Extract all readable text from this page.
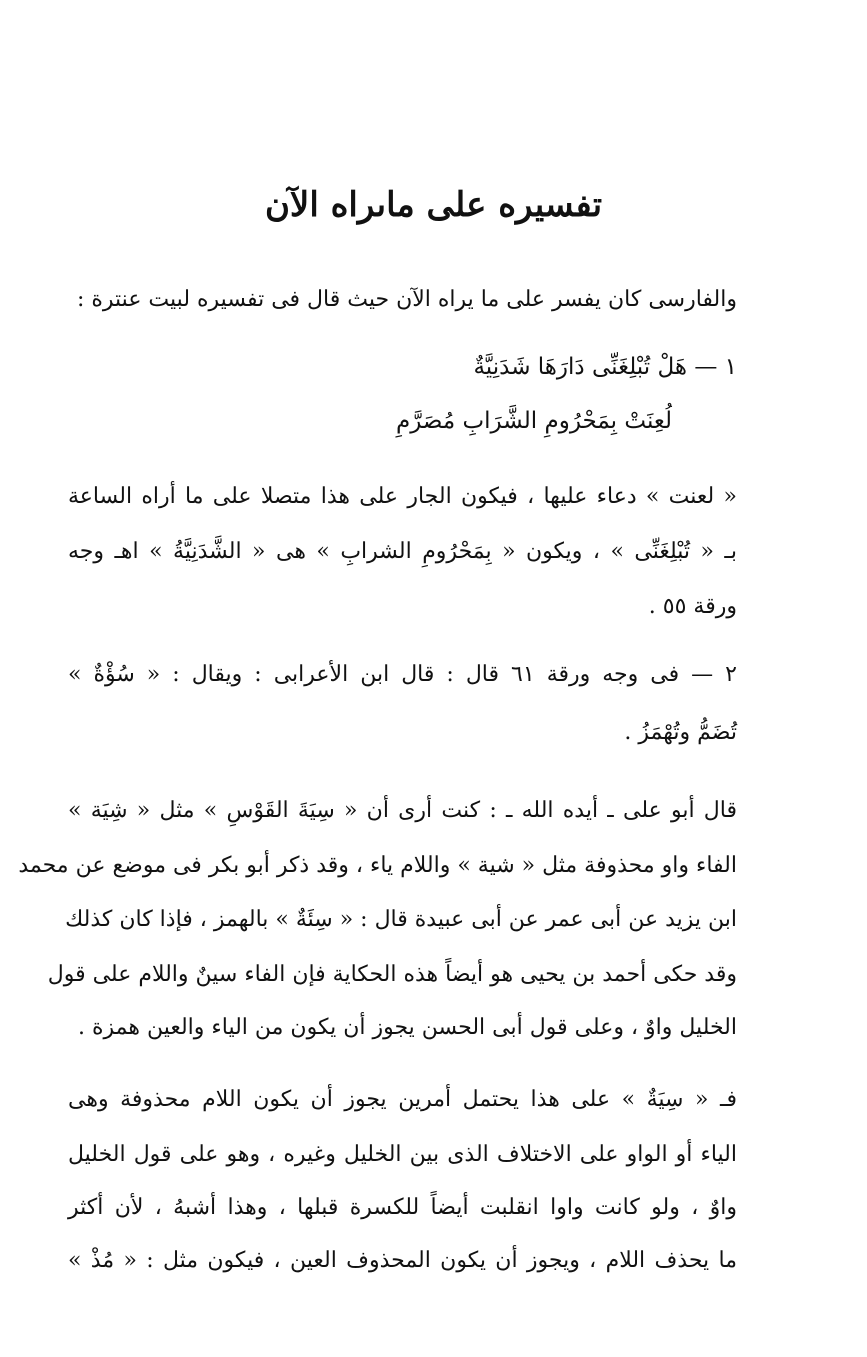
تفسيره على ماىراه الآن
والفارسى كان يفسر على ما يراه الآن حيث قال فى تفسيره لبيت عنترة :
١ — هَلْ تُبْلِغَنِّى دَارَهَا شَدَنِيَّةٌ
لُعِنَتْ بِمَحْرُومِ الشَّرَابِ مُصَرَّمِ
« لعنت » دعاء عليها ، فيكون الجار على هذا متصلا على ما أراه الساعة
بـ « تُبْلِغَنِّى » ، ويكون « بِمَحْرُومِ الشرابِ » هى « الشَّدَنِيَّةُ » اهـ وجه
ورقة ٥٥ .
٢ — فى وجه ورقة ٦١ قال : قال ابن الأعرابى : ويقال : « سُؤْةٌ »
تُضَمُّ وتُهْمَزُ .
قال أبو على ـ أيده الله ـ : كنت أرى أن « سِيَةَ القَوْسِ » مثل « شِيَة »
الفاء واو محذوفة مثل « شية » واللام ياء ، وقد ذكر أبو بكر فى موضع عن محمد
ابن يزيد عن أبى عمر عن أبى عبيدة قال : « سِئَةٌ » بالهمز ، فإذا كان كذلك
وقد حكى أحمد بن يحيى هو أيضاً هذه الحكاية فإن الفاء سينٌ واللام على قول
الخليل واوٌ ، وعلى قول أبى الحسن يجوز أن يكون من الياء والعين همزة .
فـ « سِيَةٌ » على هذا يحتمل أمرين يجوز أن يكون اللام محذوفة وهى
الياء أو الواو على الاختلاف الذى بين الخليل وغيره ، وهو على قول الخليل
واوٌ ، ولو كانت واوا انقلبت أيضاً للكسرة قبلها ، وهذا أشبهُ ، لأن أكثر
ما يحذف اللام ، ويجوز أن يكون المحذوف العين ، فيكون مثل : « مُذْ »
